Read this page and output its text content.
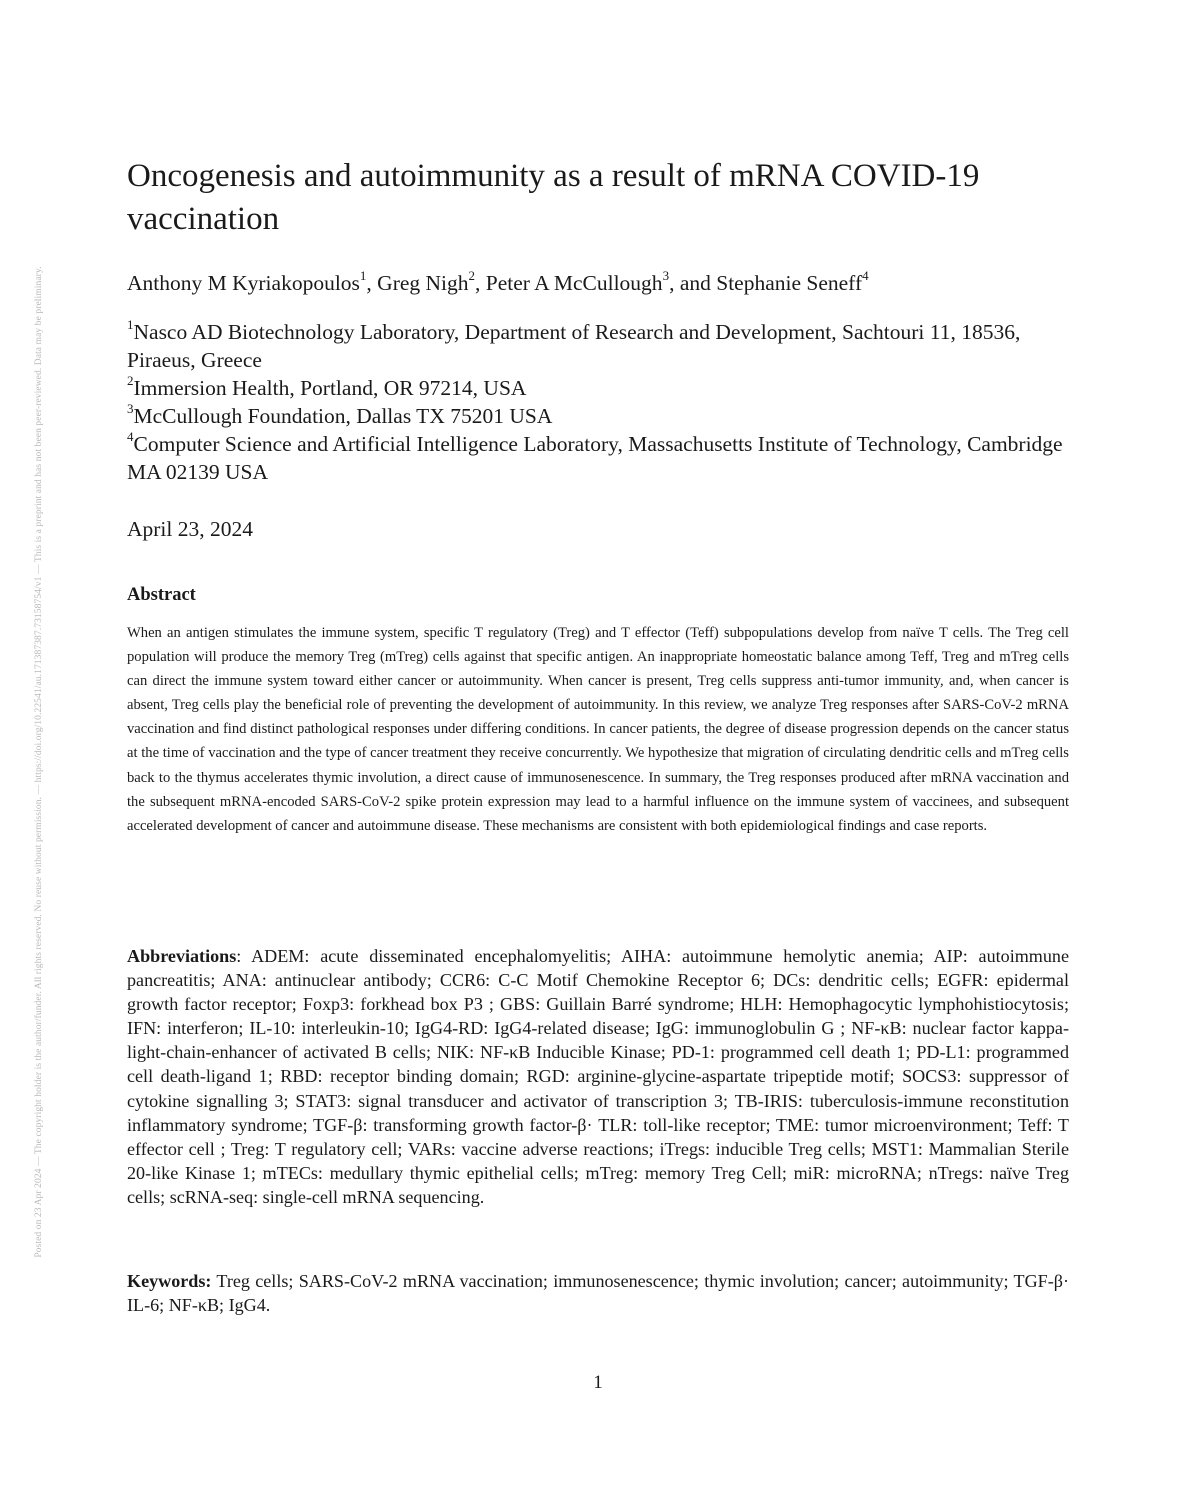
Posted on 23 Apr 2024 — The copyright holder is the author/funder. All rights reserved. No reuse without permission. — https://doi.org/10.22541/au.171387387.73158754/v1 — This is a preprint and has not been peer-reviewed. Data may be preliminary.
Oncogenesis and autoimmunity as a result of mRNA COVID-19 vaccination
Anthony M Kyriakopoulos$^1$, Greg Nigh$^2$, Peter A McCullough$^3$, and Stephanie Seneff$^4$
$^1$Nasco AD Biotechnology Laboratory, Department of Research and Development, Sachtouri 11, 18536, Piraeus, Greece
$^2$Immersion Health, Portland, OR 97214, USA
$^3$McCullough Foundation, Dallas TX 75201 USA
$^4$Computer Science and Artificial Intelligence Laboratory, Massachusetts Institute of Technology, Cambridge MA 02139 USA
April 23, 2024
Abstract

When an antigen stimulates the immune system, specific T regulatory (Treg) and T effector (Teff) subpopulations develop from naïve T cells. The Treg cell population will produce the memory Treg (mTreg) cells against that specific antigen. An inappropriate homeostatic balance among Teff, Treg and mTreg cells can direct the immune system toward either cancer or autoimmunity. When cancer is present, Treg cells suppress anti-tumor immunity, and, when cancer is absent, Treg cells play the beneficial role of preventing the development of autoimmunity. In this review, we analyze Treg responses after SARS-CoV-2 mRNA vaccination and find distinct pathological responses under differing conditions. In cancer patients, the degree of disease progression depends on the cancer status at the time of vaccination and the type of cancer treatment they receive concurrently. We hypothesize that migration of circulating dendritic cells and mTreg cells back to the thymus accelerates thymic involution, a direct cause of immunosenescence. In summary, the Treg responses produced after mRNA vaccination and the subsequent mRNA-encoded SARS-CoV-2 spike protein expression may lead to a harmful influence on the immune system of vaccinees, and subsequent accelerated development of cancer and autoimmune disease. These mechanisms are consistent with both epidemiological findings and case reports.

Abbreviations: ADEM: acute disseminated encephalomyelitis; AIHA: autoimmune hemolytic anemia; AIP: autoimmune pancreatitis; ANA: antinuclear antibody; CCR6: C-C Motif Chemokine Receptor 6; DCs: dendritic cells; EGFR: epidermal growth factor receptor; Foxp3: forkhead box P3 ; GBS: Guillain Barré syndrome; HLH: Hemophagocytic lymphohistiocytosis; IFN: interferon; IL-10: interleukin-10; IgG4-RD: IgG4-related disease; IgG: immunoglobulin G ; NF-κB: nuclear factor kappa-light-chain-enhancer of activated B cells; NIK: NF-κB Inducible Kinase; PD-1: programmed cell death 1; PD-L1: programmed cell death-ligand 1; RBD: receptor binding domain; RGD: arginine-glycine-aspartate tripeptide motif; SOCS3: suppressor of cytokine signalling 3; STAT3: signal transducer and activator of transcription 3; TB-IRIS: tuberculosis-immune reconstitution inflammatory syndrome; TGF-β: transforming growth factor-β· TLR: toll-like receptor; TME: tumor microenvironment; Teff: T effector cell ; Treg: T regulatory cell; VARs: vaccine adverse reactions; iTregs: inducible Treg cells; MST1: Mammalian Sterile 20-like Kinase 1; mTECs: medullary thymic epithelial cells; mTreg: memory Treg Cell; miR: microRNA; nTregs: naïve Treg cells; scRNA-seq: single-cell mRNA sequencing.

Keywords: Treg cells; SARS-CoV-2 mRNA vaccination; immunosenescence; thymic involution; cancer; autoimmunity; TGF-β· IL-6; NF-κB; IgG4.

1
